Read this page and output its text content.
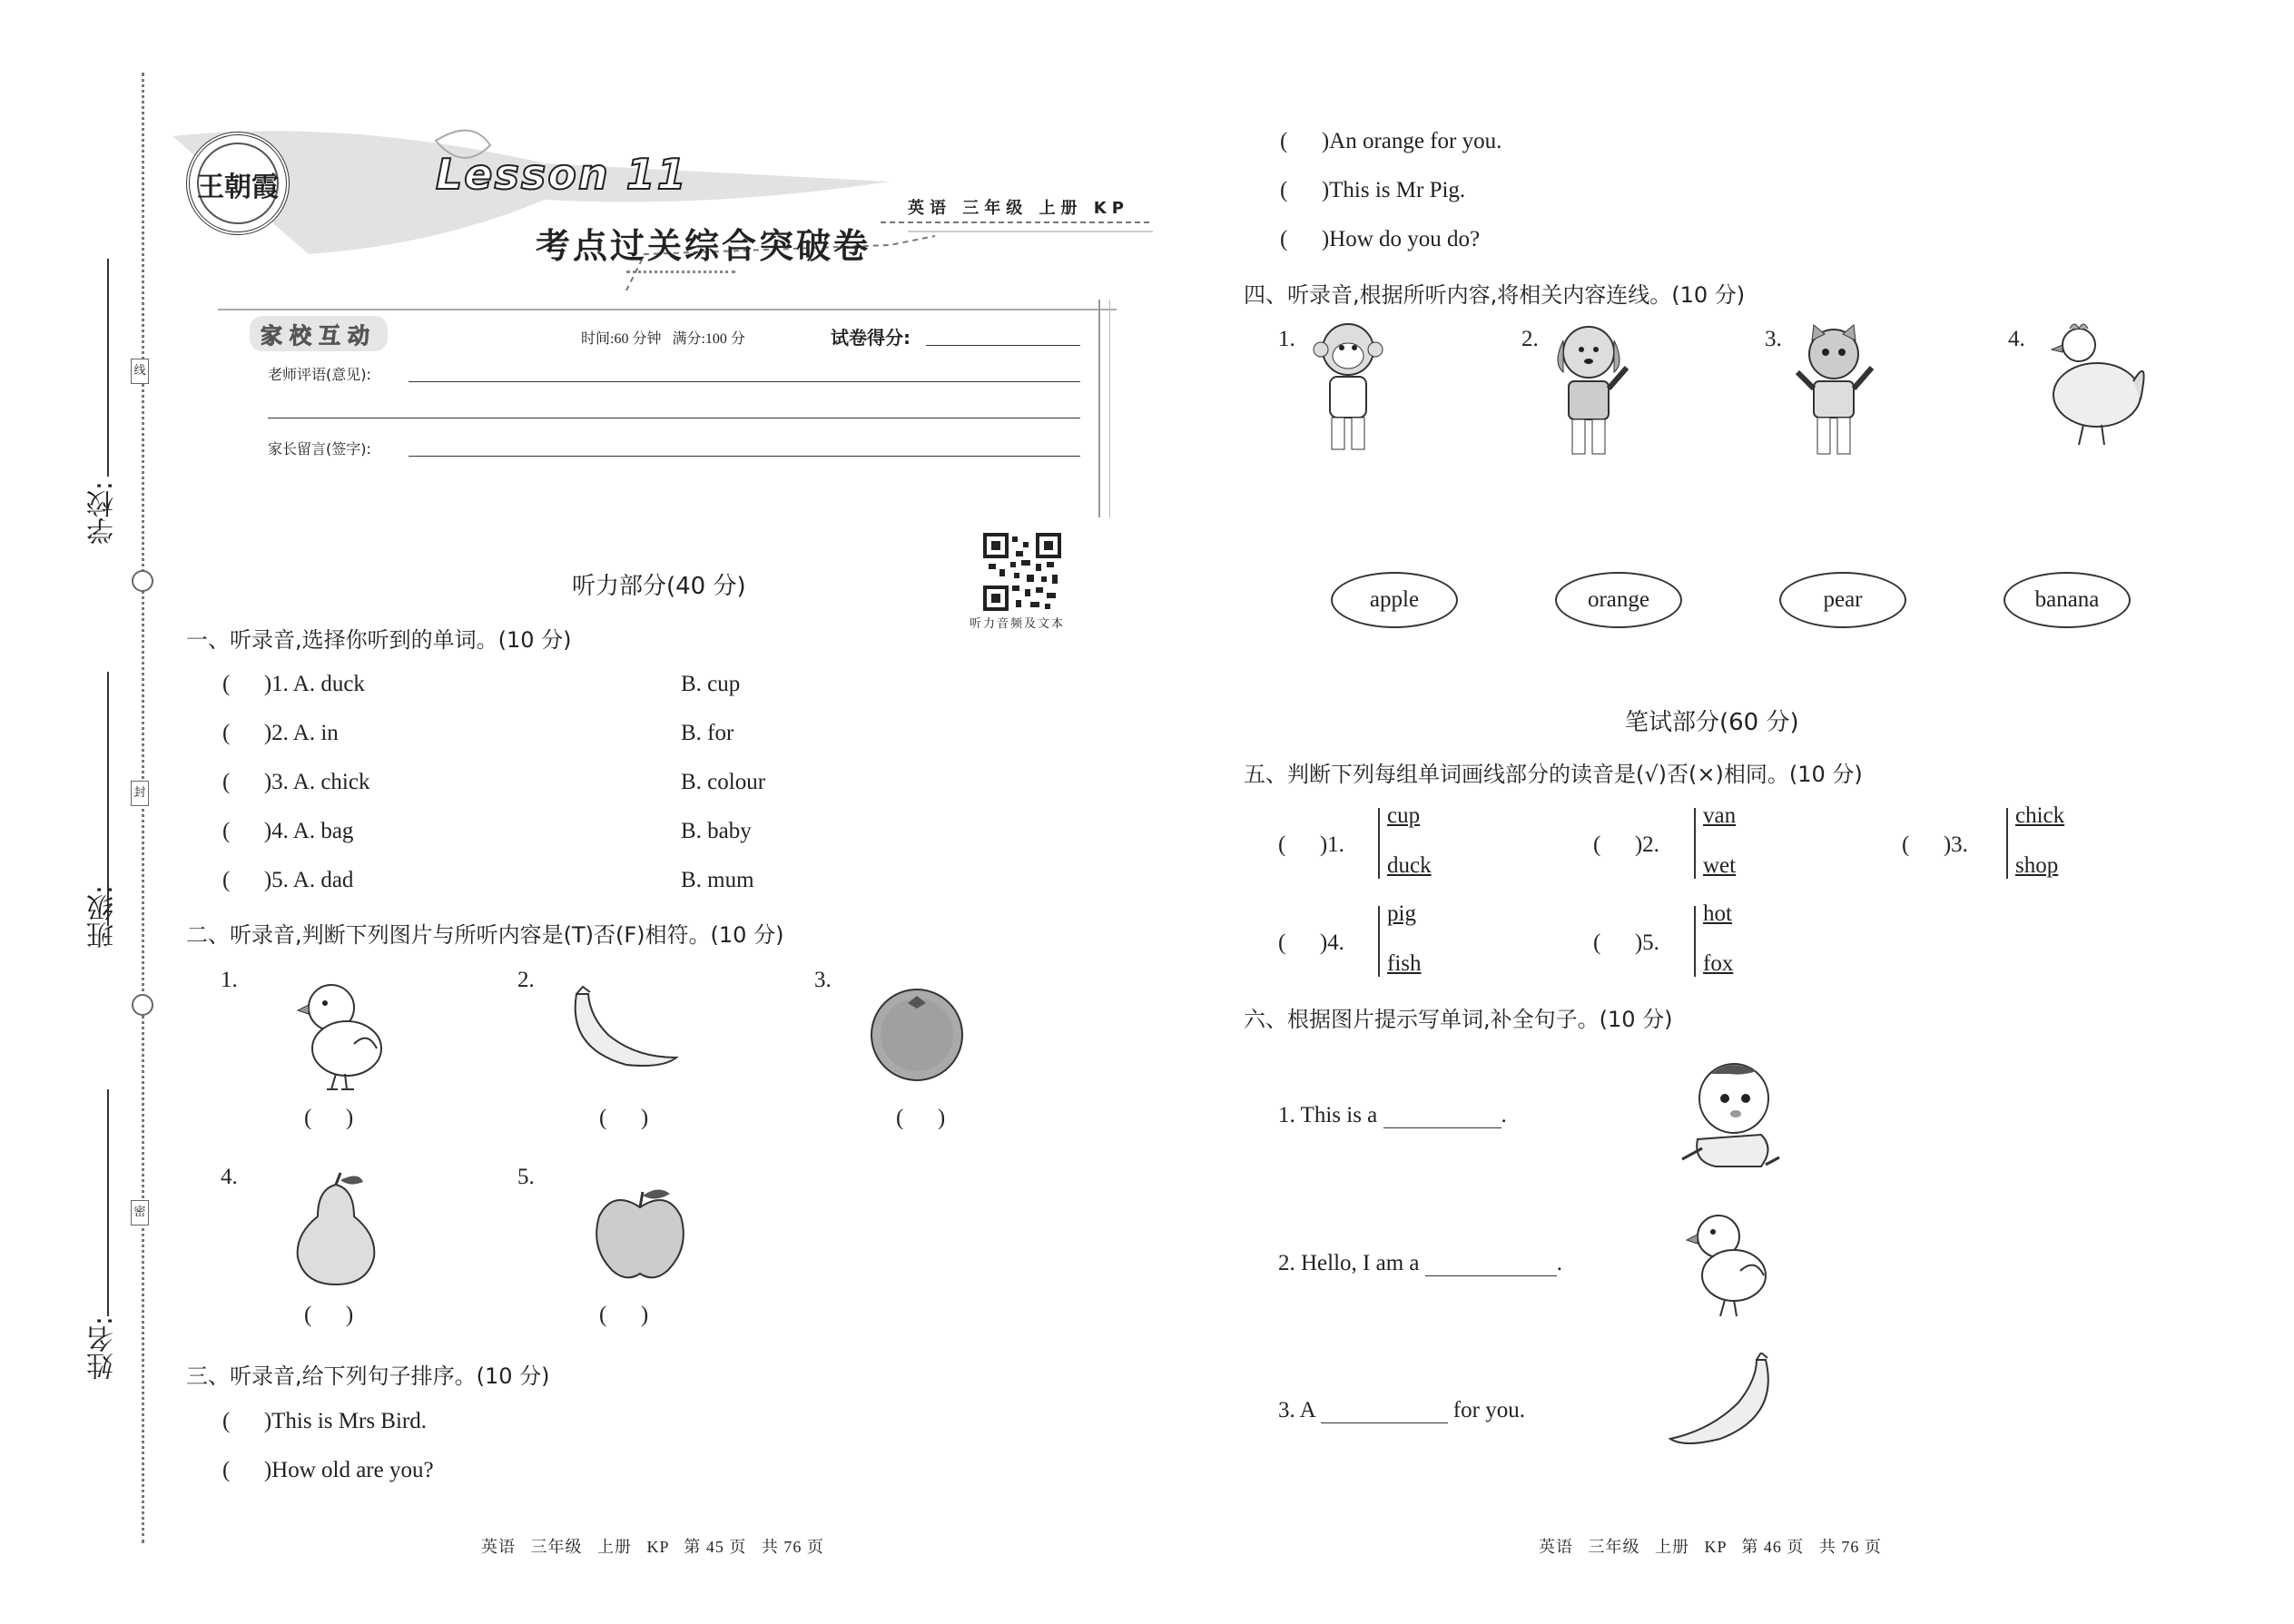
学校:
班级:
姓名:
线
封
密
王朝霞	Lesson 11
考点过关综合突破卷
英语 三年级 上册 KP
家校互动	时间:60 分钟   满分:100 分	试卷得分:
老师评语(意见):
家长留言(签字):
听力音频及文本
听力部分(40 分)
一、听录音,选择你听到的单词。(10 分)
(      )1. A. duck	B. cup
(      )2. A. in	B. for
(      )3. A. chick	B. colour
(      )4. A. bag	B. baby
(      )5. A. dad	B. mum
二、听录音,判断下列图片与所听内容是(T)否(F)相符。(10 分)
1.	2.	3.
4.	5.
(      )	(      )	(      )
(      )	(      )
三、听录音,给下列句子排序。(10 分)
(      )This is Mrs Bird.
(      )How old are you?
(      )An orange for you.
(      )This is Mr Pig.
(      )How do you do?
四、听录音,根据所听内容,将相关内容连线。(10 分)
1.	2.	3.	4.
apple	orange	pear	banana
笔试部分(60 分)
五、判断下列每组单词画线部分的读音是(√)否(×)相同。(10 分)
(      )1.
cup
duck
(      )2.
van
wet
(      )3.
chick
shop
(      )4.
pig
fish
(      )5.
hot
fox
六、根据图片提示写单词,补全句子。(10 分)
1. This is a	.
2. Hello, I am a	.
3. A	for you.
英语   三年级   上册   KP   第 45 页   共 76 页	英语   三年级   上册   KP   第 46 页   共 76 页
